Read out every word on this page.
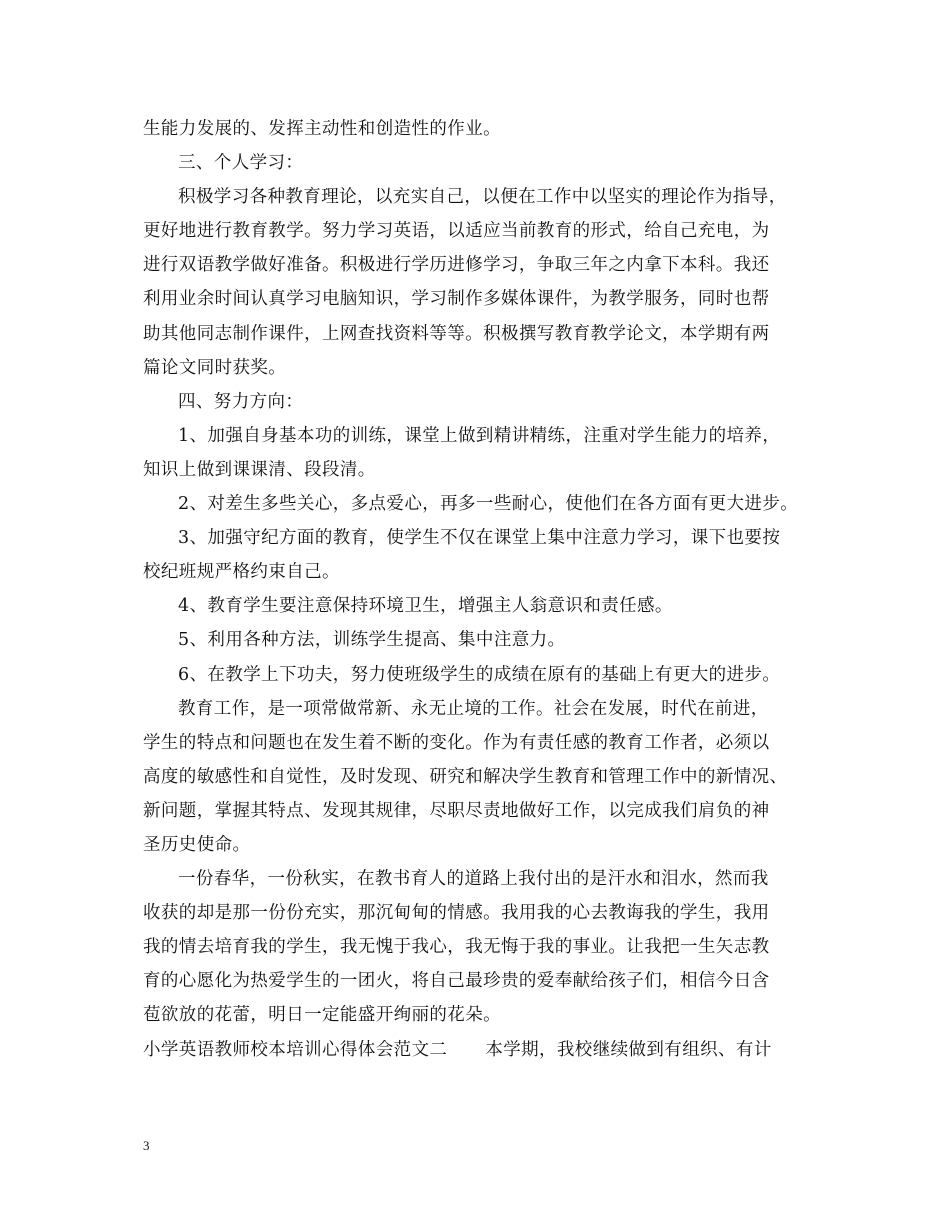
生能力发展的、发挥主动性和创造性的作业。
三、个人学习：
积极学习各种教育理论，以充实自己，以便在工作中以坚实的理论作为指导，
更好地进行教育教学。努力学习英语，以适应当前教育的形式，给自己充电，为
进行双语教学做好准备。积极进行学历进修学习，争取三年之内拿下本科。我还
利用业余时间认真学习电脑知识，学习制作多媒体课件，为教学服务，同时也帮
助其他同志制作课件，上网查找资料等等。积极撰写教育教学论文，本学期有两
篇论文同时获奖。
四、努力方向：
1、加强自身基本功的训练，课堂上做到精讲精练，注重对学生能力的培养，
知识上做到课课清、段段清。
2、对差生多些关心，多点爱心，再多一些耐心，使他们在各方面有更大进步。
3、加强守纪方面的教育，使学生不仅在课堂上集中注意力学习，课下也要按
校纪班规严格约束自己。
4、教育学生要注意保持环境卫生，增强主人翁意识和责任感。
5、利用各种方法，训练学生提高、集中注意力。
6、在教学上下功夫，努力使班级学生的成绩在原有的基础上有更大的进步。
教育工作，是一项常做常新、永无止境的工作。社会在发展，时代在前进，
学生的特点和问题也在发生着不断的变化。作为有责任感的教育工作者，必须以
高度的敏感性和自觉性，及时发现、研究和解决学生教育和管理工作中的新情况、
新问题，掌握其特点、发现其规律，尽职尽责地做好工作，以完成我们肩负的神
圣历史使命。
一份春华，一份秋实，在教书育人的道路上我付出的是汗水和泪水，然而我
收获的却是那一份份充实，那沉甸甸的情感。我用我的心去教诲我的学生，我用
我的情去培育我的学生，我无愧于我心，我无悔于我的事业。让我把一生矢志教
育的心愿化为热爱学生的一团火，将自己最珍贵的爱奉献给孩子们，相信今日含
苞欲放的花蕾，明日一定能盛开绚丽的花朵。
小学英语教师校本培训心得体会范文二 本学期，我校继续做到有组织、有计
3
